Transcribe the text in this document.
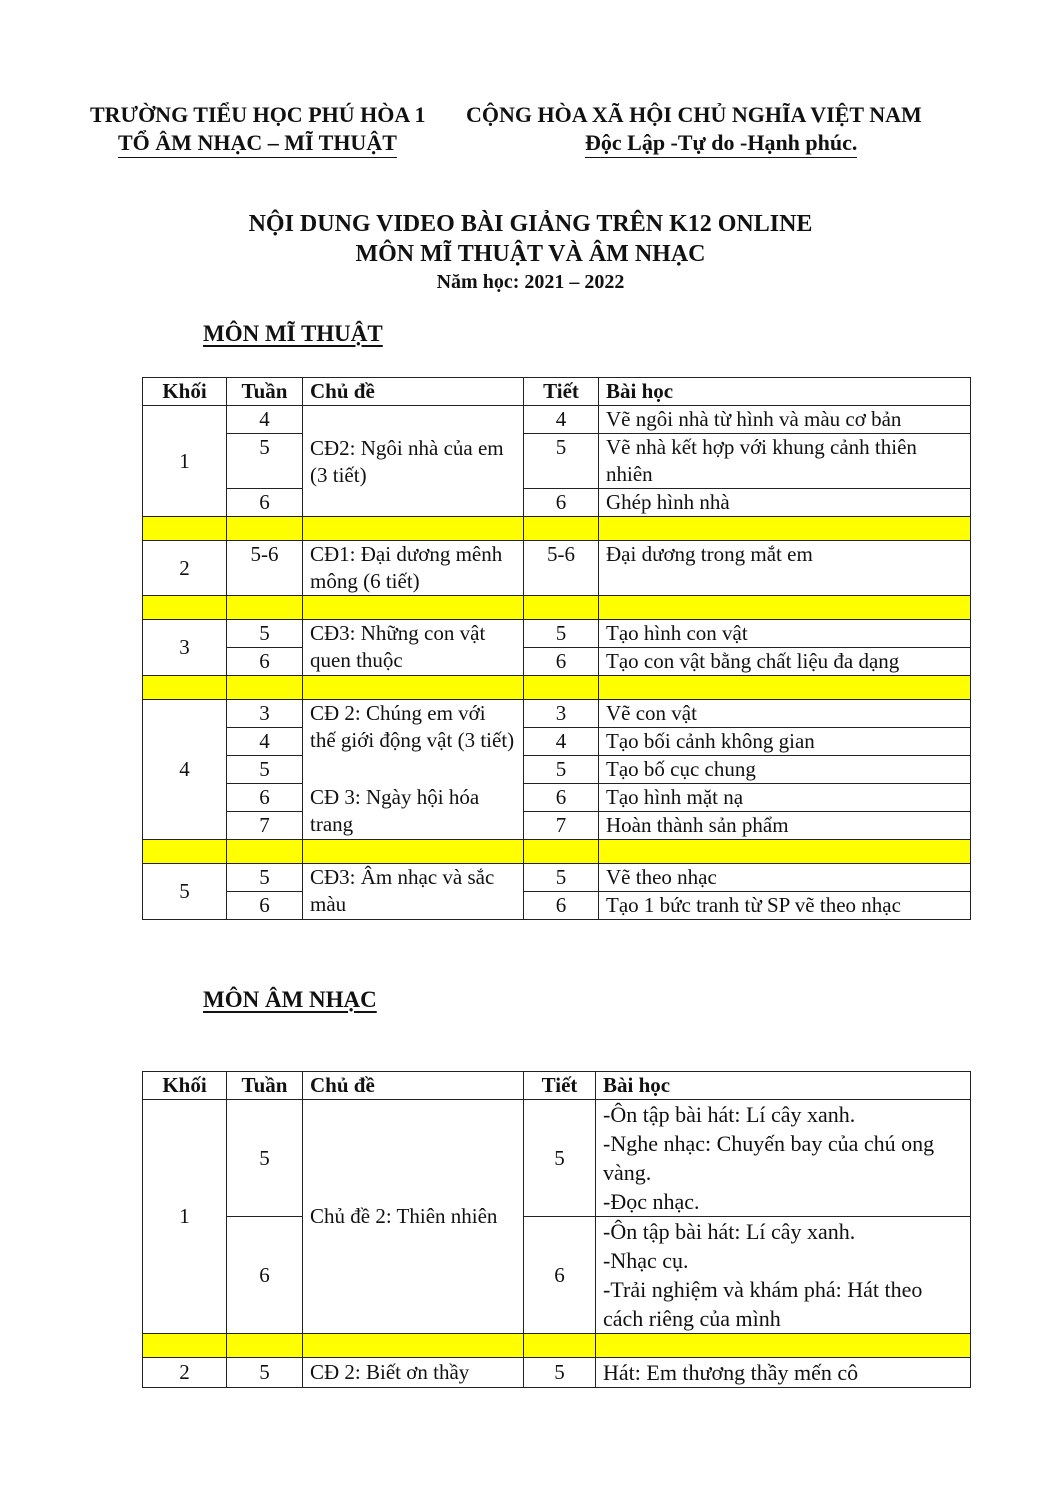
TRƯỜNG TIỂU HỌC PHÚ HÒA 1 CỘNG HÒA XÃ HỘI CHỦ NGHĨA VIỆT NAM
TỔ ÂM NHẠC – MĨ THUẬT	Độc Lập -Tự do -Hạnh phúc.
NỘI DUNG VIDEO BÀI GIẢNG TRÊN K12 ONLINE
MÔN MĨ THUẬT VÀ ÂM NHẠC
Năm học: 2021 – 2022
MÔN MĨ THUẬT
Khối	Tuần	Chủ đề	Tiết	Bài học
1	4	CĐ2: Ngôi nhà của em (3 tiết)	4	Vẽ ngôi nhà từ hình và màu cơ bản
	5		5	Vẽ nhà kết hợp với khung cảnh thiên nhiên
	6		6	Ghép hình nhà

2	5-6	CĐ1: Đại dương mênh mông (6 tiết)	5-6	Đại dương trong mắt em

3	5	CĐ3: Những con vật quen thuộc	5	Tạo hình con vật
	6		6	Tạo con vật bằng chất liệu đa dạng

4	3	CĐ 2: Chúng em với thế giới động vật (3 tiết)	3	Vẽ con vật
	4		4	Tạo bối cảnh không gian
	5		5	Tạo bố cục chung
	6	CĐ 3: Ngày hội hóa trang	6	Tạo hình mặt nạ
	7		7	Hoàn thành sản phẩm

5	5	CĐ3: Âm nhạc và sắc màu	5	Vẽ theo nhạc
	6		6	Tạo 1 bức tranh từ SP vẽ theo nhạc
MÔN ÂM NHẠC
Khối	Tuần	Chủ đề	Tiết	Bài học
1	5	Chủ đề 2: Thiên nhiên	5	-Ôn tập bài hát: Lí cây xanh.
-Nghe nhạc: Chuyến bay của chú ong vàng.
-Đọc nhạc.

	6		6	-Ôn tập bài hát: Lí cây xanh.
-Nhạc cụ.
-Trải nghiệm và khám phá: Hát theo cách riêng của mình

2	5	CĐ 2: Biết ơn thầy	5	Hát: Em thương thầy mến cô
